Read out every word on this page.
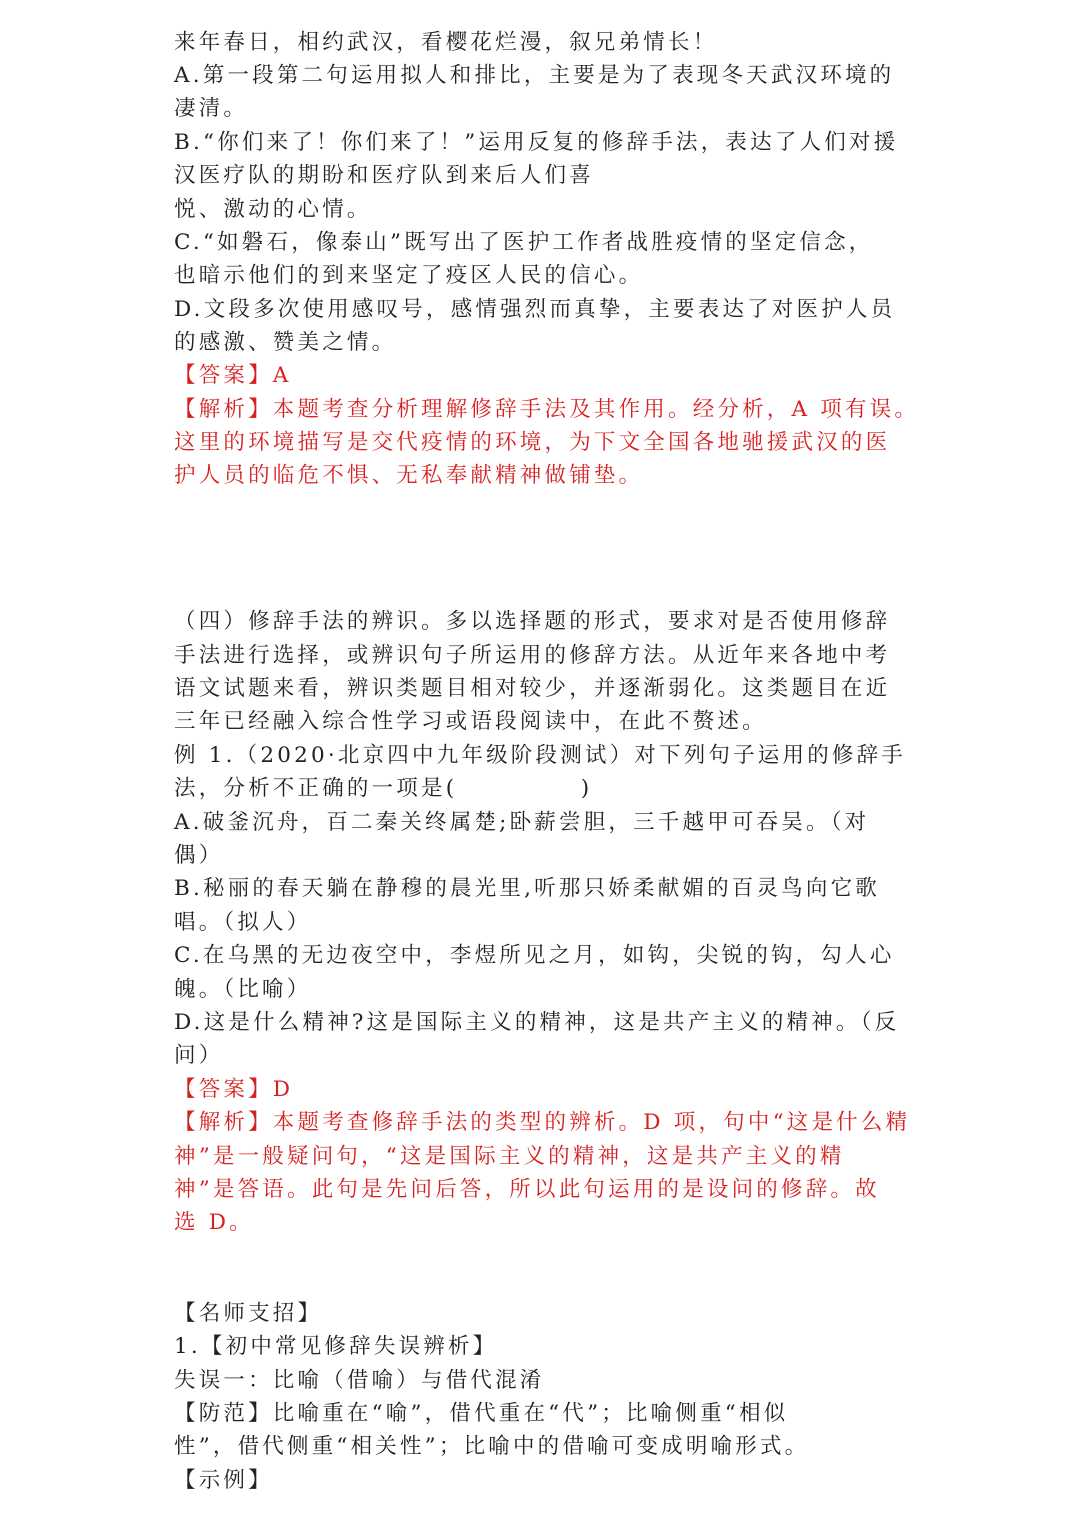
来年春日，相约武汉，看樱花烂漫，叙兄弟情长！
A.第一段第二句运用拟人和排比，主要是为了表现冬天武汉环境的
凄清。
B.“你们来了！你们来了！”运用反复的修辞手法，表达了人们对援
汉医疗队的期盼和医疗队到来后人们喜
悦、激动的心情。
C.“如磐石，像泰山”既写出了医护工作者战胜疫情的坚定信念，
也暗示他们的到来坚定了疫区人民的信心。
D.文段多次使用感叹号，感情强烈而真挚，主要表达了对医护人员
的感激、赞美之情。
【答案】A
【解析】本题考查分析理解修辞手法及其作用。经分析，A 项有误。
这里的环境描写是交代疫情的环境，为下文全国各地驰援武汉的医
护人员的临危不惧、无私奉献精神做铺垫。
（四）修辞手法的辨识。多以选择题的形式，要求对是否使用修辞
手法进行选择，或辨识句子所运用的修辞方法。从近年来各地中考
语文试题来看，辨识类题目相对较少，并逐渐弱化。这类题目在近
三年已经融入综合性学习或语段阅读中，在此不赘述。
例 1.（2020·北京四中九年级阶段测试）对下列句子运用的修辞手
法，分析不正确的一项是(　　　　　)
A.破釜沉舟，百二秦关终属楚;卧薪尝胆，三千越甲可吞吴。（对
偶）
B.秘丽的春天躺在静穆的晨光里,听那只娇柔献媚的百灵鸟向它歌
唱。（拟人）
C.在乌黑的无边夜空中，李煜所见之月，如钩，尖锐的钩，勾人心
魄。（比喻）
D.这是什么精神?这是国际主义的精神，这是共产主义的精神。（反
问）
【答案】D
【解析】本题考查修辞手法的类型的辨析。D 项，句中“这是什么精
神”是一般疑问句，“这是国际主义的精神，这是共产主义的精
神”是答语。此句是先问后答，所以此句运用的是设问的修辞。故
选 D。
【名师支招】
1.【初中常见修辞失误辨析】
失误一：比喻（借喻）与借代混淆
【防范】比喻重在“喻”，借代重在“代”；比喻侧重“相似
性”，借代侧重“相关性”；比喻中的借喻可变成明喻形式。
【示例】
